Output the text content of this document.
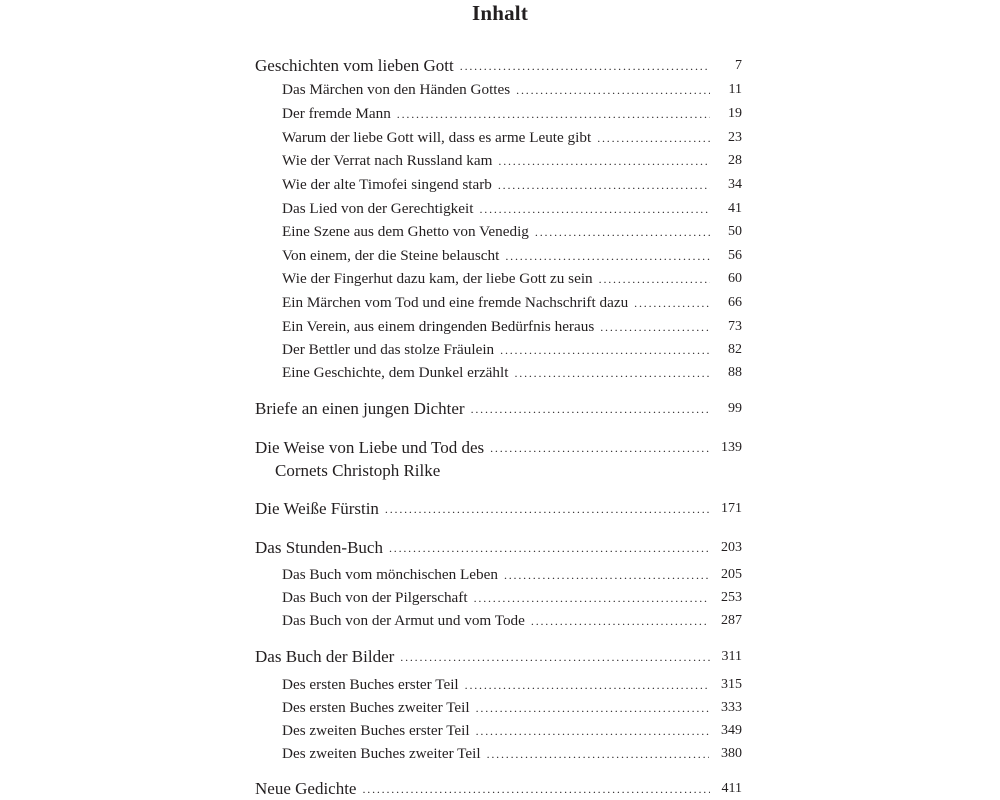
Inhalt
Geschichten vom lieben Gott . . .	7
Das Märchen von den Händen Gottes . . .	11
Der fremde Mann . . .	19
Warum der liebe Gott will, dass es arme Leute gibt . . .	23
Wie der Verrat nach Russland kam . . .	28
Wie der alte Timofei singend starb . . .	34
Das Lied von der Gerechtigkeit . . .	41
Eine Szene aus dem Ghetto von Venedig . . .	50
Von einem, der die Steine belauscht . . .	56
Wie der Fingerhut dazu kam, der liebe Gott zu sein . . .	60
Ein Märchen vom Tod und eine fremde Nachschrift dazu . . .	66
Ein Verein, aus einem dringenden Bedürfnis heraus . . .	73
Der Bettler und das stolze Fräulein . . .	82
Eine Geschichte, dem Dunkel erzählt . . .	88
Briefe an einen jungen Dichter . . .	99
Die Weise von Liebe und Tod des . . .	139
Cornets Christoph Rilke
Die Weiße Fürstin . . .	171
Das Stunden-Buch . . .	203
Das Buch vom mönchischen Leben . . .	205
Das Buch von der Pilgerschaft . . .	253
Das Buch von der Armut und vom Tode . . .	287
Das Buch der Bilder . . .	311
Des ersten Buches erster Teil . . .	315
Des ersten Buches zweiter Teil . . .	333
Des zweiten Buches erster Teil . . .	349
Des zweiten Buches zweiter Teil . . .	380
Neue Gedichte . . .	411
